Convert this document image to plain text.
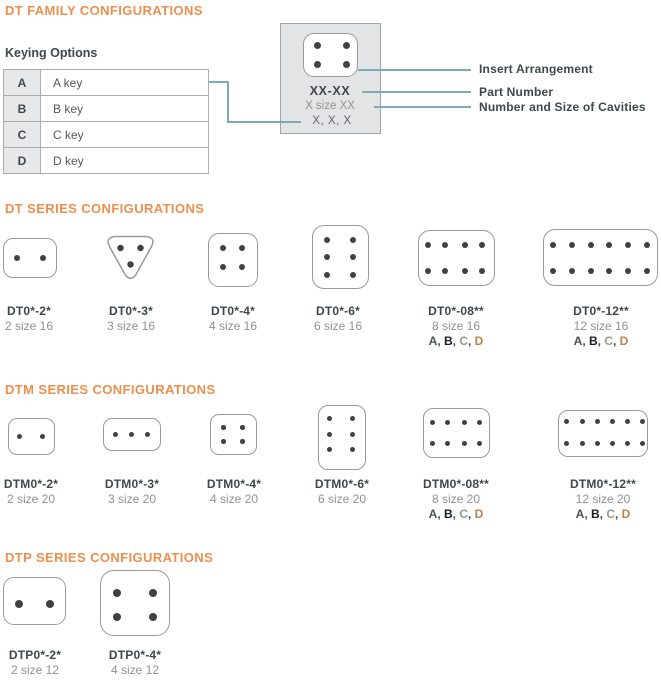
DT FAMILY CONFIGURATIONS
Keying Options
A	A key
B	B key
C	C key
D	D key
XX-XX
X size XX
X, X, X
Insert Arrangement
Part Number
Number and Size of Cavities
DT SERIES CONFIGURATIONS
DT0*-2*
2 size 16
DT0*-3*
3 size 16
DT0*-4*
4 size 16
DT0*-6*
6 size 16
DT0*-08**
8 size 16
A, B, C, D
DT0*-12**
12 size 16
A, B, C, D
DTM SERIES CONFIGURATIONS
DTM0*-2*
2 size 20
DTM0*-3*
3 size 20
DTM0*-4*
4 size 20
DTM0*-6*
6 size 20
DTM0*-08**
8 size 20
A, B, C, D
DTM0*-12**
12 size 20
A, B, C, D
DTP SERIES CONFIGURATIONS
DTP0*-2*
2 size 12
DTP0*-4*
4 size 12
